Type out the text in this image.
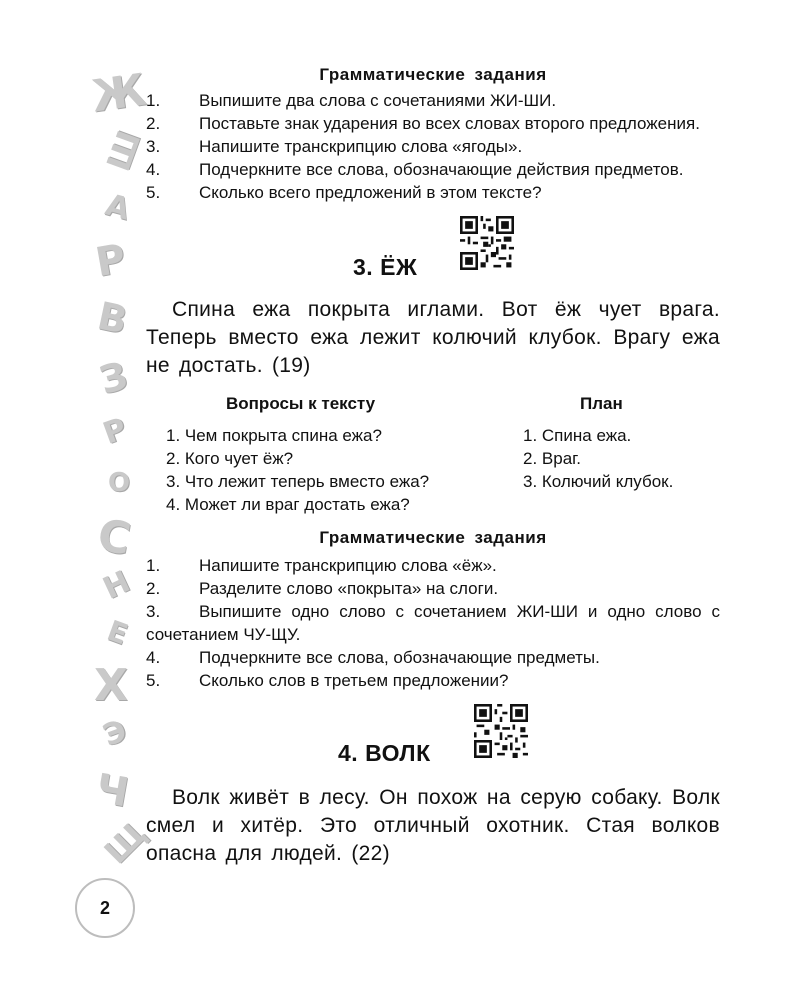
Ж
Ш
А
Р
В
З
Р
О
С
Н
Е
Х
Э
Ч
Щ
2
Грамматические задания
1. Выпишите два слова с сочетаниями ЖИ-ШИ.
2. Поставьте знак ударения во всех словах второго предложения.
3. Напишите транскрипцию слова «ягоды».
4. Подчеркните все слова, обозначающие действия предметов.
5. Сколько всего предложений в этом тексте?
3. ЁЖ
Спина ежа покрыта иглами. Вот ёж чует врага. Теперь вместо ежа лежит колючий клубок. Врагу ежа не достать. (19)
Вопросы к тексту	План
1. Чем покрыта спина ежа?
2. Кого чует ёж?
3. Что лежит теперь вместо ежа?
4. Может ли враг достать ежа?
1. Спина ежа.
2. Враг.
3. Колючий клубок.
Грамматические задания
1. Напишите транскрипцию слова «ёж».
2. Разделите слово «покрыта» на слоги.
3. Выпишите одно слово с сочетанием ЖИ-ШИ и одно слово с сочетанием ЧУ-ЩУ.
4. Подчеркните все слова, обозначающие предметы.
5. Сколько слов в третьем предложении?
4. ВОЛК
Волк живёт в лесу. Он похож на серую собаку. Волк смел и хитёр. Это отличный охотник. Стая волков опасна для людей. (22)
